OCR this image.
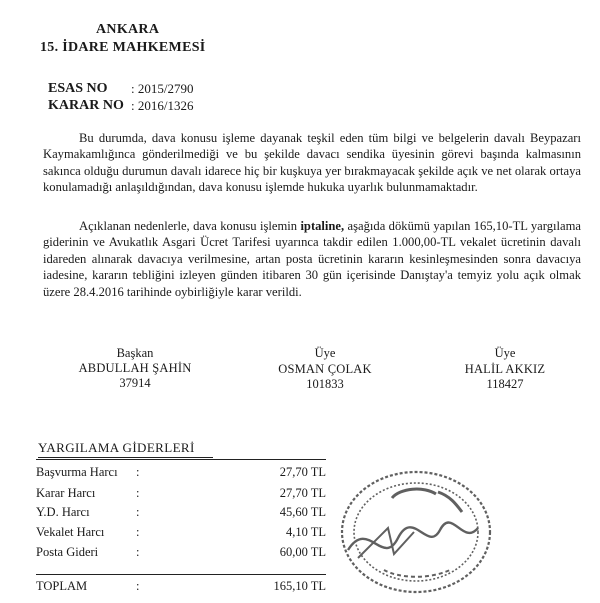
ANKARA
15. İDARE MAHKEMESİ
ESAS NO : 2015/2790
KARAR NO : 2016/1326

Bu durumda, dava konusu işleme dayanak teşkil eden tüm bilgi ve belgelerin davalı Beypazarı Kaymakamlığınca gönderilmediği ve bu şekilde davacı sendika üyesinin görevi başında kalmasının sakınca olduğu durumun davalı idarece hiç bir kuşkuya yer bırakmayacak şekilde açık ve net olarak ortaya konulamadığı anlaşıldığından, dava konusu işlemde hukuka uyarlık bulunmamaktadır.

Açıklanan nedenlerle, dava konusu işlemin iptaline, aşağıda dökümü yapılan 165,10-TL yargılama giderinin ve Avukatlık Asgari Ücret Tarifesi uyarınca takdir edilen 1.000,00-TL vekalet ücretinin davalı idareden alınarak davacıya verilmesine, artan posta ücretinin kararın kesinleşmesinden sonra davacıya iadesine, kararın tebliğini izleyen günden itibaren 30 gün içerisinde Danıştay'a temyiz yolu açık olmak üzere 28.4.2016 tarihinde oybirliğiyle karar verildi.

Başkan
ABDULLAH ŞAHİN
37914
Üye
OSMAN ÇOLAK
101833
Üye
HALİL AKKIZ
118427
YARGILAMA GİDERLERİ
Başvurma Harcı :	27,70 TL
Karar Harcı	:	27,70 TL
Y.D. Harcı	:	45,60 TL
Vekalet Harcı	:	4,10 TL
Posta Gideri	:	60,00 TL
TOPLAM	:	165,10 TL
